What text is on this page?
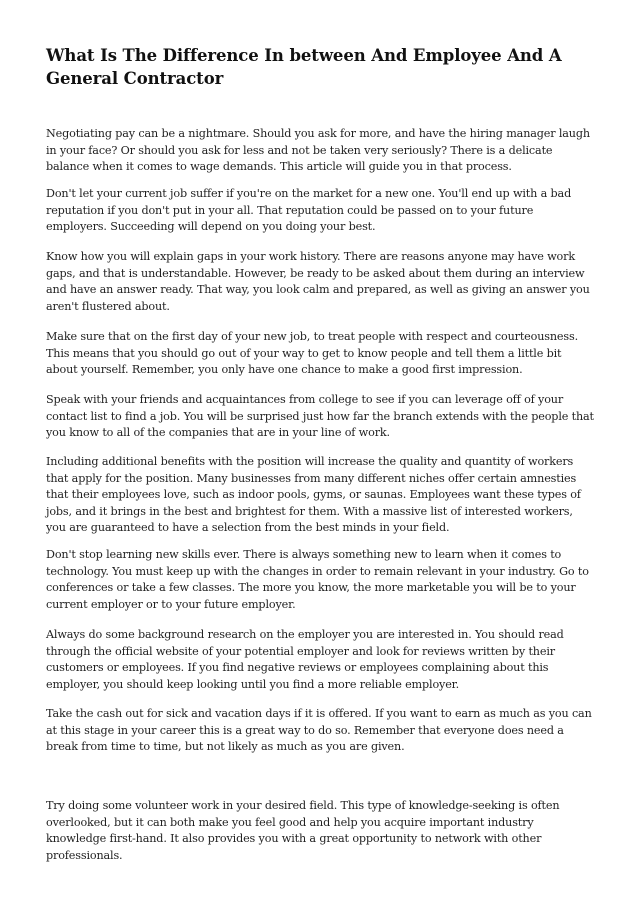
What Is The Difference In between And Employee And A General Contractor

Negotiating pay can be a nightmare. Should you ask for more, and have the hiring manager laugh in your face? Or should you ask for less and not be taken very seriously? There is a delicate balance when it comes to wage demands. This article will guide you in that process.

Don't let your current job suffer if you're on the market for a new one. You'll end up with a bad reputation if you don't put in your all. That reputation could be passed on to your future employers. Succeeding will depend on you doing your best.

Know how you will explain gaps in your work history. There are reasons anyone may have work gaps, and that is understandable. However, be ready to be asked about them during an interview and have an answer ready. That way, you look calm and prepared, as well as giving an answer you aren't flustered about.

Make sure that on the first day of your new job, to treat people with respect and courteousness. This means that you should go out of your way to get to know people and tell them a little bit about yourself. Remember, you only have one chance to make a good first impression.

Speak with your friends and acquaintances from college to see if you can leverage off of your contact list to find a job. You will be surprised just how far the branch extends with the people that you know to all of the companies that are in your line of work.

Including additional benefits with the position will increase the quality and quantity of workers that apply for the position. Many businesses from many different niches offer certain amnesties that their employees love, such as indoor pools, gyms, or saunas. Employees want these types of jobs, and it brings in the best and brightest for them. With a massive list of interested workers, you are guaranteed to have a selection from the best minds in your field.

Don't stop learning new skills ever. There is always something new to learn when it comes to technology. You must keep up with the changes in order to remain relevant in your industry. Go to conferences or take a few classes. The more you know, the more marketable you will be to your current employer or to your future employer.

Always do some background research on the employer you are interested in. You should read through the official website of your potential employer and look for reviews written by their customers or employees. If you find negative reviews or employees complaining about this employer, you should keep looking until you find a more reliable employer.

Take the cash out for sick and vacation days if it is offered. If you want to earn as much as you can at this stage in your career this is a great way to do so. Remember that everyone does need a break from time to time, but not likely as much as you are given.

Try doing some volunteer work in your desired field. This type of knowledge-seeking is often overlooked, but it can both make you feel good and help you acquire important industry knowledge first-hand. It also provides you with a great opportunity to network with other professionals.
